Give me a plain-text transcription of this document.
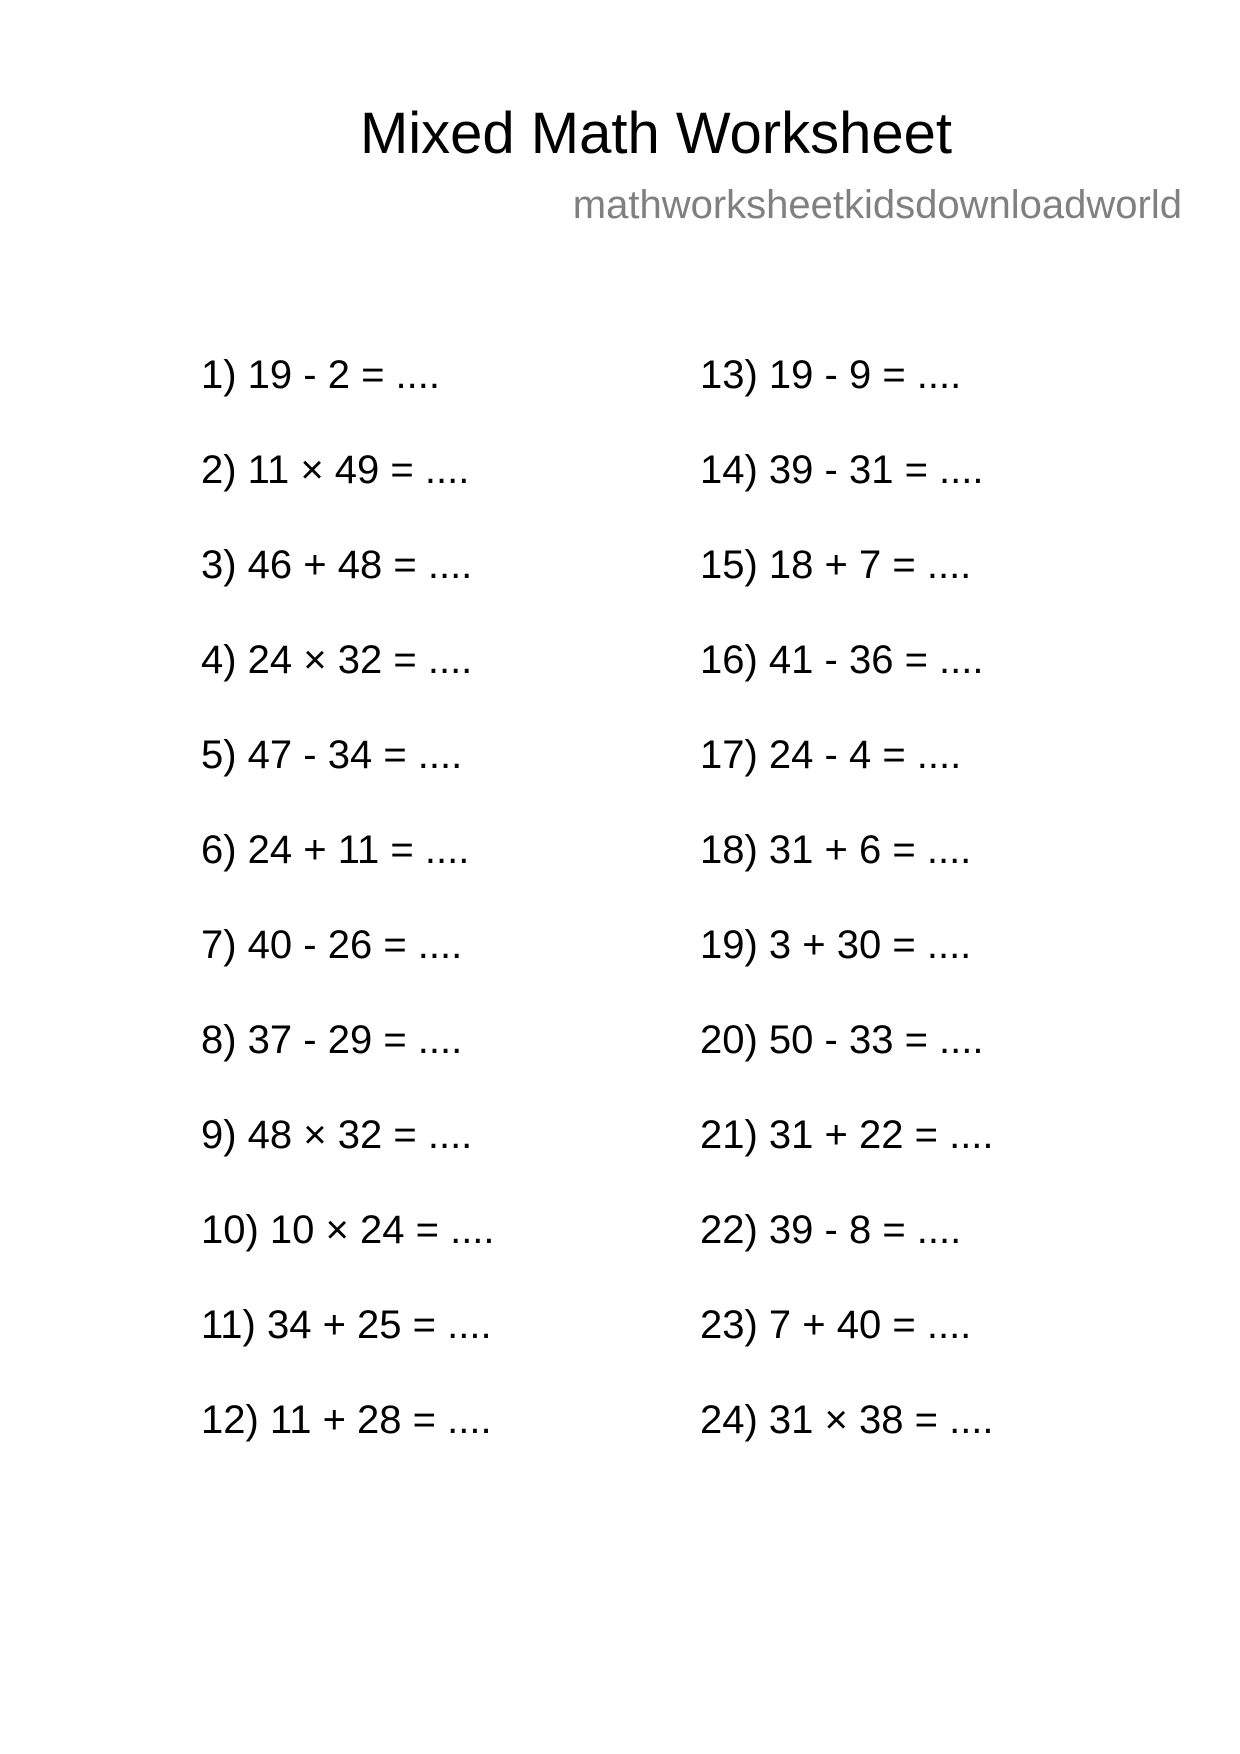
Mixed Math Worksheet
mathworksheetkidsdownloadworld
1) 19 - 2 = ....
2) 11 × 49 = ....
3) 46 + 48 = ....
4) 24 × 32 = ....
5) 47 - 34 = ....
6) 24 + 11 = ....
7) 40 - 26 = ....
8) 37 - 29 = ....
9) 48 × 32 = ....
10) 10 × 24 = ....
11) 34 + 25 = ....
12) 11 + 28 = ....
13) 19 - 9 = ....
14) 39 - 31 = ....
15) 18 + 7 = ....
16) 41 - 36 = ....
17) 24 - 4 = ....
18) 31 + 6 = ....
19) 3 + 30 = ....
20) 50 - 33 = ....
21) 31 + 22 = ....
22) 39 - 8 = ....
23) 7 + 40 = ....
24) 31 × 38 = ....
